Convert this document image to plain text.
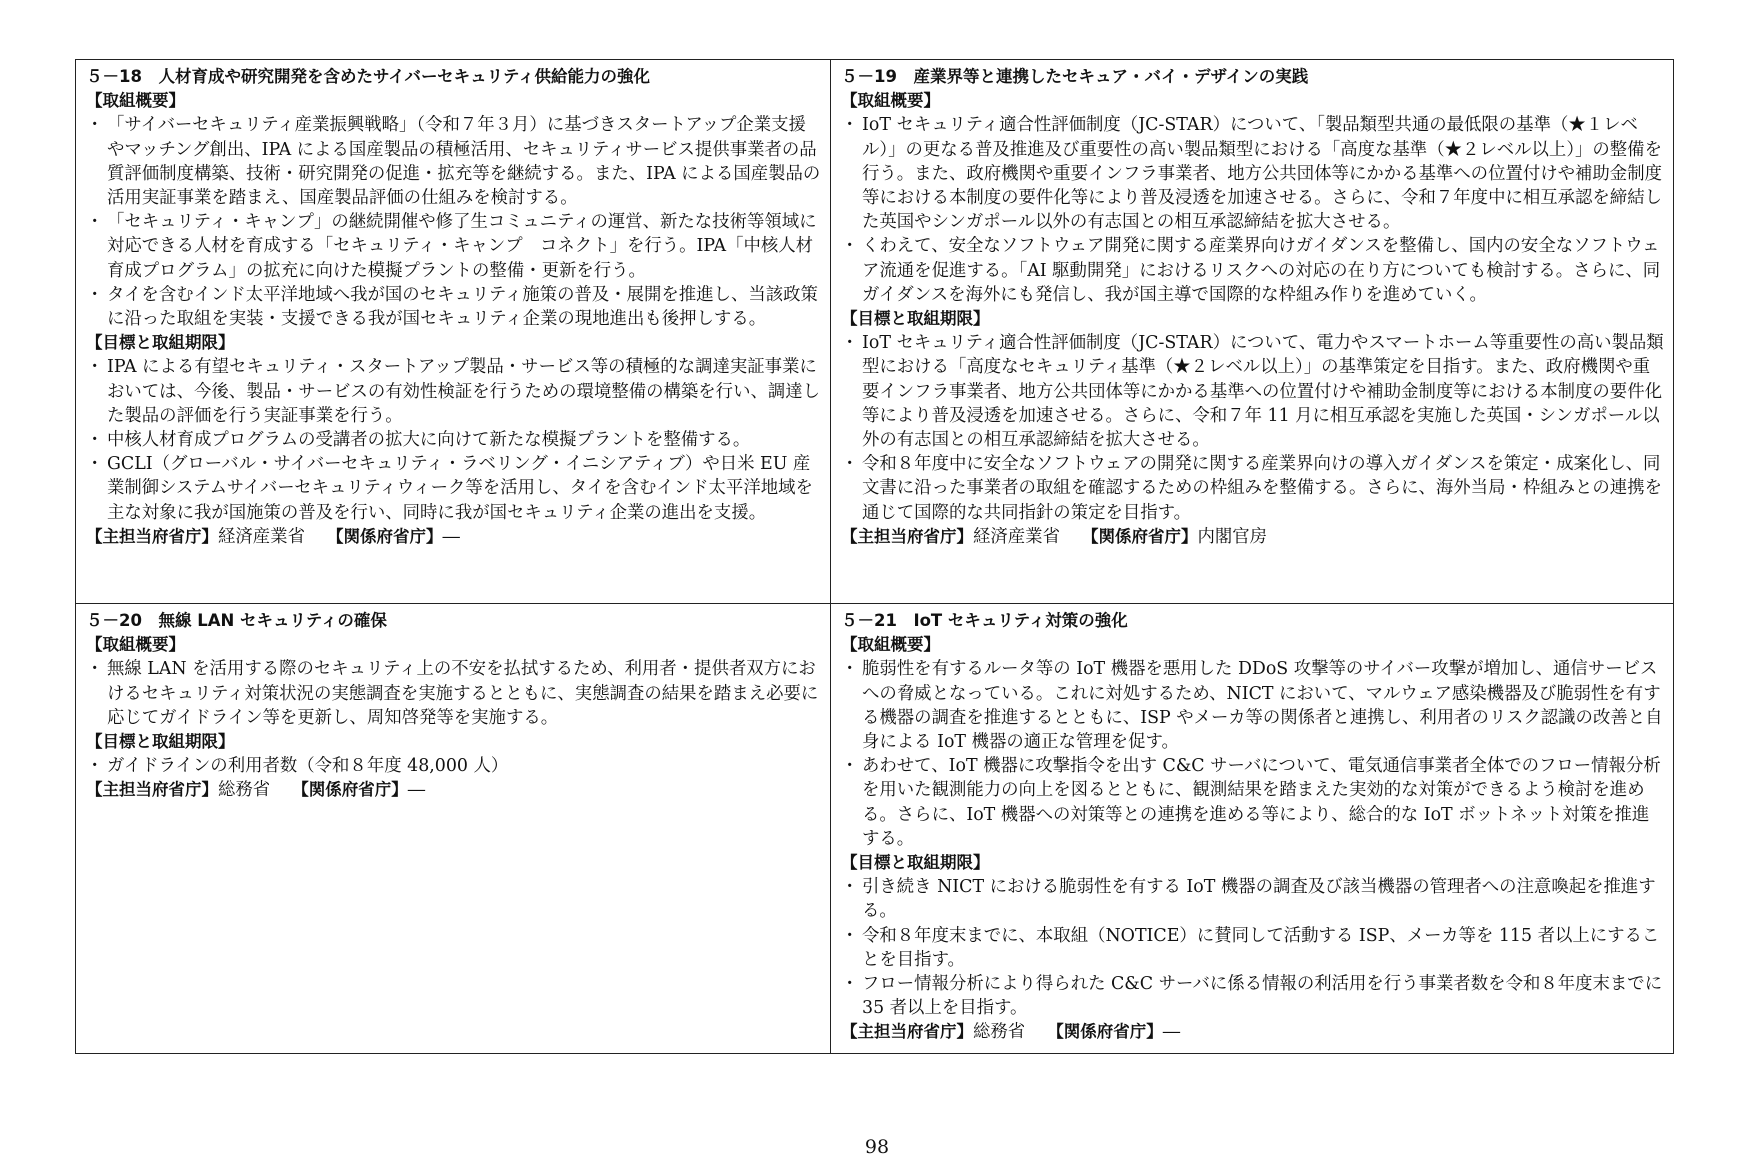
５－18　人材育成や研究開発を含めたサイバーセキュリティ供給能力の強化
【取組概要】
・ 「サイバーセキュリティ産業振興戦略」（令和７年３月）に基づきスタートアップ企業支援やマッチング創出、IPA による国産製品の積極活用、セキュリティサービス提供事業者の品質評価制度構築、技術・研究開発の促進・拡充等を継続する。また、IPA による国産製品の活用実証事業を踏まえ、国産製品評価の仕組みを検討する。
・ 「セキュリティ・キャンプ」の継続開催や修了生コミュニティの運営、新たな技術等領域に対応できる人材を育成する「セキュリティ・キャンプ　コネクト」を行う。IPA「中核人材育成プログラム」の拡充に向けた模擬プラントの整備・更新を行う。
・ タイを含むインド太平洋地域へ我が国のセキュリティ施策の普及・展開を推進し、当該政策に沿った取組を実装・支援できる我が国セキュリティ企業の現地進出も後押しする。
【目標と取組期限】
・ IPA による有望セキュリティ・スタートアップ製品・サービス等の積極的な調達実証事業においては、今後、製品・サービスの有効性検証を行うための環境整備の構築を行い、調達した製品の評価を行う実証事業を行う。
・ 中核人材育成プログラムの受講者の拡大に向けて新たな模擬プラントを整備する。
・ GCLI（グローバル・サイバーセキュリティ・ラベリング・イニシアティブ）や日米 EU 産業制御システムサイバーセキュリティウィーク等を活用し、タイを含むインド太平洋地域を主な対象に我が国施策の普及を行い、同時に我が国セキュリティ企業の進出を支援。
【主担当府省庁】経済産業省 【関係府省庁】―
５－19　産業界等と連携したセキュア・バイ・デザインの実践
【取組概要】
・ IoT セキュリティ適合性評価制度（JC-STAR）について、「製品類型共通の最低限の基準（★１レベル）」の更なる普及推進及び重要性の高い製品類型における「高度な基準（★２レベル以上）」の整備を行う。また、政府機関や重要インフラ事業者、地方公共団体等にかかる基準への位置付けや補助金制度等における本制度の要件化等により普及浸透を加速させる。さらに、令和７年度中に相互承認を締結した英国やシンガポール以外の有志国との相互承認締結を拡大させる。
・ くわえて、安全なソフトウェア開発に関する産業界向けガイダンスを整備し、国内の安全なソフトウェア流通を促進する。「AI 駆動開発」におけるリスクへの対応の在り方についても検討する。さらに、同ガイダンスを海外にも発信し、我が国主導で国際的な枠組み作りを進めていく。
【目標と取組期限】
・ IoT セキュリティ適合性評価制度（JC-STAR）について、電力やスマートホーム等重要性の高い製品類型における「高度なセキュリティ基準（★２レベル以上）」の基準策定を目指す。また、政府機関や重要インフラ事業者、地方公共団体等にかかる基準への位置付けや補助金制度等における本制度の要件化等により普及浸透を加速させる。さらに、令和７年 11 月に相互承認を実施した英国・シンガポール以外の有志国との相互承認締結を拡大させる。
・ 令和８年度中に安全なソフトウェアの開発に関する産業界向けの導入ガイダンスを策定・成案化し、同文書に沿った事業者の取組を確認するための枠組みを整備する。さらに、海外当局・枠組みとの連携を通じて国際的な共同指針の策定を目指す。
【主担当府省庁】経済産業省 【関係府省庁】内閣官房
５－20　無線 LAN セキュリティの確保
【取組概要】
・ 無線 LAN を活用する際のセキュリティ上の不安を払拭するため、利用者・提供者双方におけるセキュリティ対策状況の実態調査を実施するとともに、実態調査の結果を踏まえ必要に応じてガイドライン等を更新し、周知啓発等を実施する。
【目標と取組期限】
・ ガイドラインの利用者数（令和８年度 48,000 人）
【主担当府省庁】総務省 【関係府省庁】―
５－21　IoT セキュリティ対策の強化
【取組概要】
・ 脆弱性を有するルータ等の IoT 機器を悪用した DDoS 攻撃等のサイバー攻撃が増加し、通信サービスへの脅威となっている。これに対処するため、NICT において、マルウェア感染機器及び脆弱性を有する機器の調査を推進するとともに、ISP やメーカ等の関係者と連携し、利用者のリスク認識の改善と自身による IoT 機器の適正な管理を促す。
・ あわせて、IoT 機器に攻撃指令を出す C&C サーバについて、電気通信事業者全体でのフロー情報分析を用いた観測能力の向上を図るとともに、観測結果を踏まえた実効的な対策ができるよう検討を進める。さらに、IoT 機器への対策等との連携を進める等により、総合的な IoT ボットネット対策を推進する。
【目標と取組期限】
・ 引き続き NICT における脆弱性を有する IoT 機器の調査及び該当機器の管理者への注意喚起を推進する。
・ 令和８年度末までに、本取組（NOTICE）に賛同して活動する ISP、メーカ等を 115 者以上にすることを目指す。
・ フロー情報分析により得られた C&C サーバに係る情報の利活用を行う事業者数を令和８年度末までに 35 者以上を目指す。
【主担当府省庁】総務省 【関係府省庁】―
98
